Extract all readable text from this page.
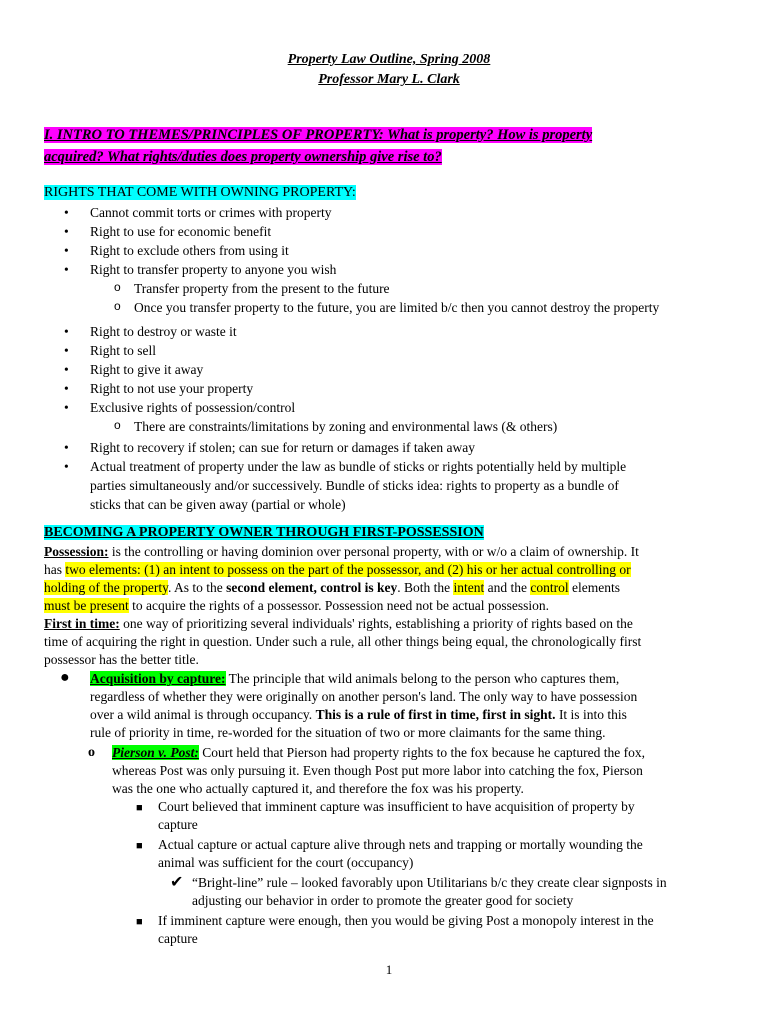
Property Law Outline, Spring 2008
Professor Mary L. Clark
I. INTRO TO THEMES/PRINCIPLES OF PROPERTY: What is property? How is property
acquired? What rights/duties does property ownership give rise to?
RIGHTS THAT COME WITH OWNING PROPERTY:
• Cannot commit torts or crimes with property
• Right to use for economic benefit
• Right to exclude others from using it
• Right to transfer property to anyone you wish
o Transfer property from the present to the future
o Once you transfer property to the future, you are limited b/c then you cannot destroy the property
• Right to destroy or waste it
• Right to sell
• Right to give it away
• Right to not use your property
• Exclusive rights of possession/control
o There are constraints/limitations by zoning and environmental laws (& others)
• Right to recovery if stolen; can sue for return or damages if taken away
• Actual treatment of property under the law as bundle of sticks or rights potentially held by multiple
parties simultaneously and/or successively. Bundle of sticks idea: rights to property as a bundle of
sticks that can be given away (partial or whole)
BECOMING A PROPERTY OWNER THROUGH FIRST-POSSESSION
Possession: is the controlling or having dominion over personal property, with or w/o a claim of ownership. It
has two elements: (1) an intent to possess on the part of the possessor, and (2) his or her actual controlling or
holding of the property. As to the second element, control is key. Both the intent and the control elements
must be present to acquire the rights of a possessor. Possession need not be actual possession.
First in time: one way of prioritizing several individuals' rights, establishing a priority of rights based on the
time of acquiring the right in question. Under such a rule, all other things being equal, the chronologically first
possessor has the better title.
● Acquisition by capture: The principle that wild animals belong to the person who captures them,
regardless of whether they were originally on another person's land. The only way to have possession
over a wild animal is through occupancy. This is a rule of first in time, first in sight. It is into this
rule of priority in time, re-worded for the situation of two or more claimants for the same thing.
o Pierson v. Post: Court held that Pierson had property rights to the fox because he captured the fox,
whereas Post was only pursuing it. Even though Post put more labor into catching the fox, Pierson
was the one who actually captured it, and therefore the fox was his property.
■ Court believed that imminent capture was insufficient to have acquisition of property by
capture
■ Actual capture or actual capture alive through nets and trapping or mortally wounding the
animal was sufficient for the court (occupancy)
✔ “Bright-line” rule – looked favorably upon Utilitarians b/c they create clear signposts in
adjusting our behavior in order to promote the greater good for society
■ If imminent capture were enough, then you would be giving Post a monopoly interest in the
capture
1
